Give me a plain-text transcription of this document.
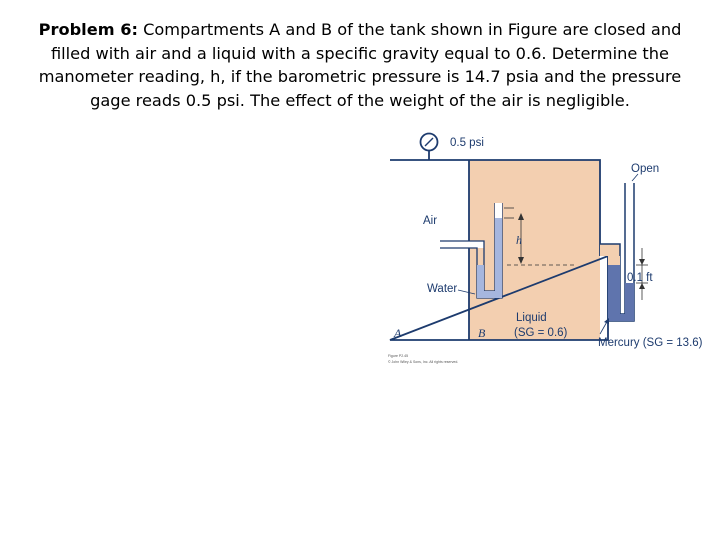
Problem 6: Compartments A and B of the tank shown in Figure are closed and filled with air and a liquid with a specific gravity equal to 0.6. Determine the manometer reading, h, if the barometric pressure is 14.7 psia and the pressure gage reads 0.5 psi. The effect of the weight of the air is negligible.

0.5 psi
Open
Air
Water
h
0.1 ft
Liquid
(SG = 0.6)
Mercury (SG = 13.6)
A	B
Figure P2.45
© John Wiley & Sons, Inc. All rights reserved.
